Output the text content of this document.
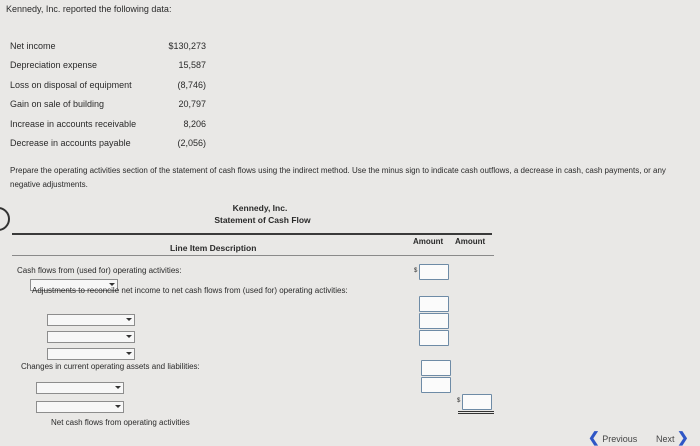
Kennedy, Inc. reported the following data:
Net income	$130,273
Depreciation expense	15,587
Loss on disposal of equipment	(8,746)
Gain on sale of building	20,797
Increase in accounts receivable	8,206
Decrease in accounts payable	(2,056)
Prepare the operating activities section of the statement of cash flows using the indirect method. Use the minus sign to indicate cash outflows, a decrease in cash, cash payments, or any negative adjustments.
Kennedy, Inc.
Statement of Cash Flow
Amount Amount
Line Item Description
Cash flows from (used for) operating activities:	$
Adjustments to reconcile net income to net cash flows from (used for) operating activities:
Changes in current operating assets and liabilities:
$
Net cash flows from operating activities
❮ Previous Next ❯
